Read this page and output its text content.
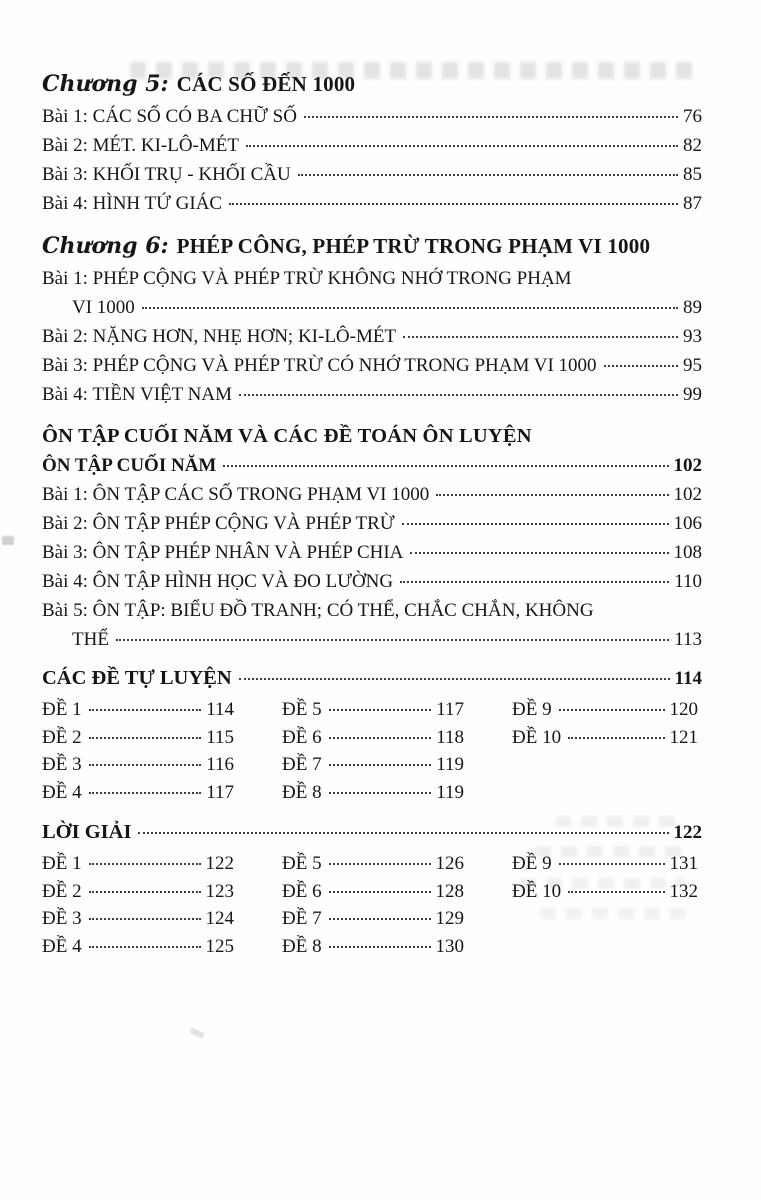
Chương 5: CÁC SỐ ĐẾN 1000
Bài 1: CÁC SỐ CÓ BA CHỮ SỐ	76
Bài 2: MÉT. KI-LÔ-MÉT	82
Bài 3: KHỐI TRỤ - KHỐI CẦU	85
Bài 4: HÌNH TỨ GIÁC	87
Chương 6: PHÉP CÔNG, PHÉP TRỪ TRONG PHẠM VI 1000
Bài 1: PHÉP CỘNG VÀ PHÉP TRỪ KHÔNG NHỚ TRONG PHẠM
VI 1000	89
Bài 2: NẶNG HƠN, NHẸ HƠN; KI-LÔ-MÉT	93
Bài 3: PHÉP CỘNG VÀ PHÉP TRỪ CÓ NHỚ TRONG PHẠM VI 1000	95
Bài 4: TIỀN VIỆT NAM	99
ÔN TẬP CUỐI NĂM VÀ CÁC ĐỀ TOÁN ÔN LUYỆN
ÔN TẬP CUỐI NĂM	102
Bài 1: ÔN TẬP CÁC SỐ TRONG PHẠM VI 1000	102
Bài 2: ÔN TẬP PHÉP CỘNG VÀ PHÉP TRỪ	106
Bài 3: ÔN TẬP PHÉP NHÂN VÀ PHÉP CHIA	108
Bài 4: ÔN TẬP HÌNH HỌC VÀ ĐO LƯỜNG	110
Bài 5: ÔN TẬP: BIỂU ĐỒ TRANH; CÓ THỂ, CHẮC CHẮN, KHÔNG
THỂ	113
CÁC ĐỀ TỰ LUYỆN	114
ĐỀ 1	114
ĐỀ 2	115
ĐỀ 3	116
ĐỀ 4	117
ĐỀ 5	117
ĐỀ 6	118
ĐỀ 7	119
ĐỀ 8	119
ĐỀ 9	120
ĐỀ 10	121
LỜI GIẢI	122
ĐỀ 1	122
ĐỀ 2	123
ĐỀ 3	124
ĐỀ 4	125
ĐỀ 5	126
ĐỀ 6	128
ĐỀ 7	129
ĐỀ 8	130
ĐỀ 9	131
ĐỀ 10	132
